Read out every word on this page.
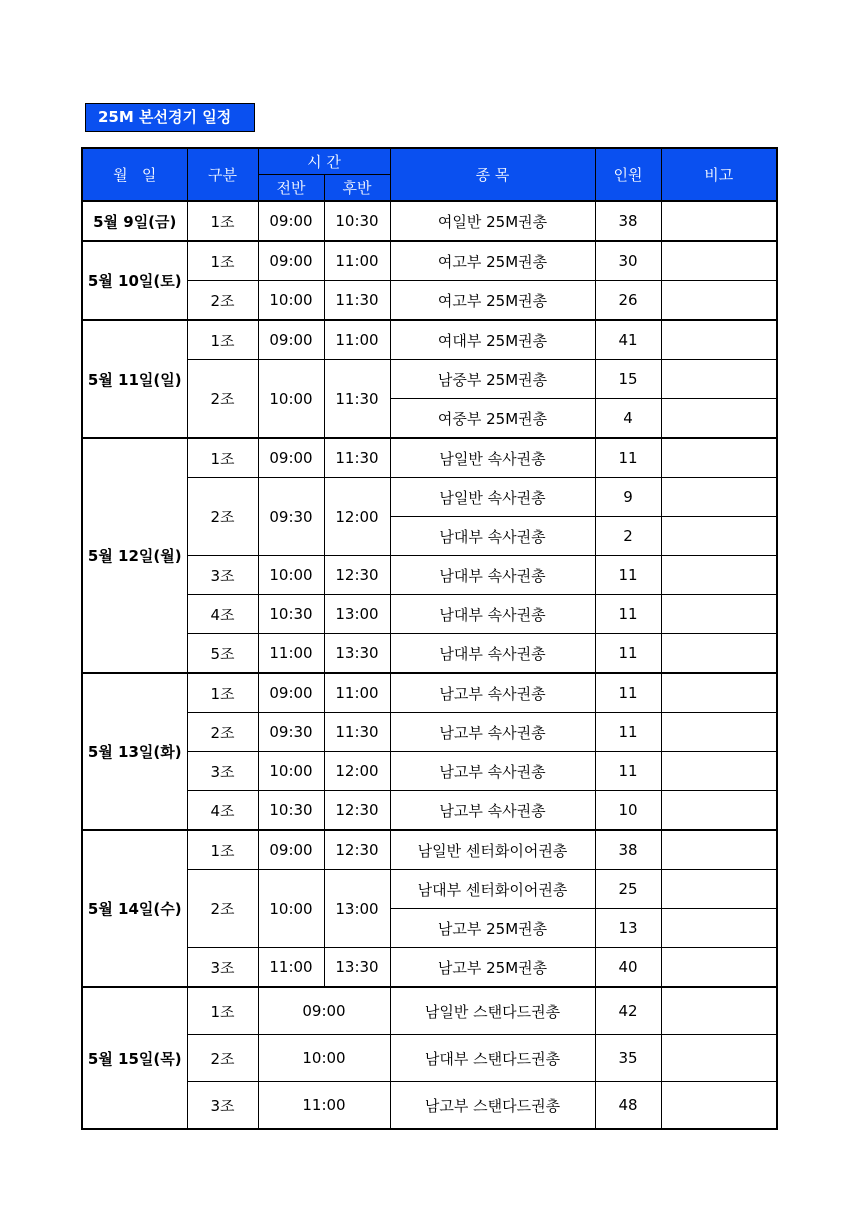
25M 본선경기 일정
월   일	구분	시 간		종 목	인원	비고
		전반	후반			
5월 9일(금)	1조	09:00	10:30	여일반 25M권총	38	
5월 10일(토)	1조	09:00	11:00	여고부 25M권총	30	
	2조	10:00	11:30	여고부 25M권총	26	
5월 11일(일)	1조	09:00	11:00	여대부 25M권총	41	
	2조	10:00	11:30	남중부 25M권총	15	
				여중부 25M권총	4	
5월 12일(월)	1조	09:00	11:30	남일반 속사권총	11	
	2조	09:30	12:00	남일반 속사권총	9	
				남대부 속사권총	2	
	3조	10:00	12:30	남대부 속사권총	11	
	4조	10:30	13:00	남대부 속사권총	11	
	5조	11:00	13:30	남대부 속사권총	11	
5월 13일(화)	1조	09:00	11:00	남고부 속사권총	11	
	2조	09:30	11:30	남고부 속사권총	11	
	3조	10:00	12:00	남고부 속사권총	11	
	4조	10:30	12:30	남고부 속사권총	10	
5월 14일(수)	1조	09:00	12:30	남일반 센터화이어권총	38	
	2조	10:00	13:00	남대부 센터화이어권총	25	
				남고부 25M권총	13	
	3조	11:00	13:30	남고부 25M권총	40	
5월 15일(목)	1조	09:00		남일반 스탠다드권총	42	
	2조	10:00		남대부 스탠다드권총	35	
	3조	11:00		남고부 스탠다드권총	48	
